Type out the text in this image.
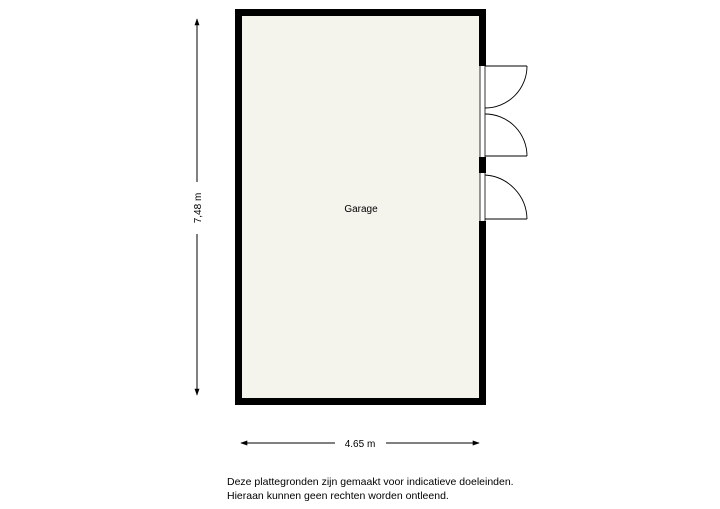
Garage
7,48 m
4.65 m
Deze plattegronden zijn gemaakt voor indicatieve doeleinden.
Hieraan kunnen geen rechten worden ontleend.
